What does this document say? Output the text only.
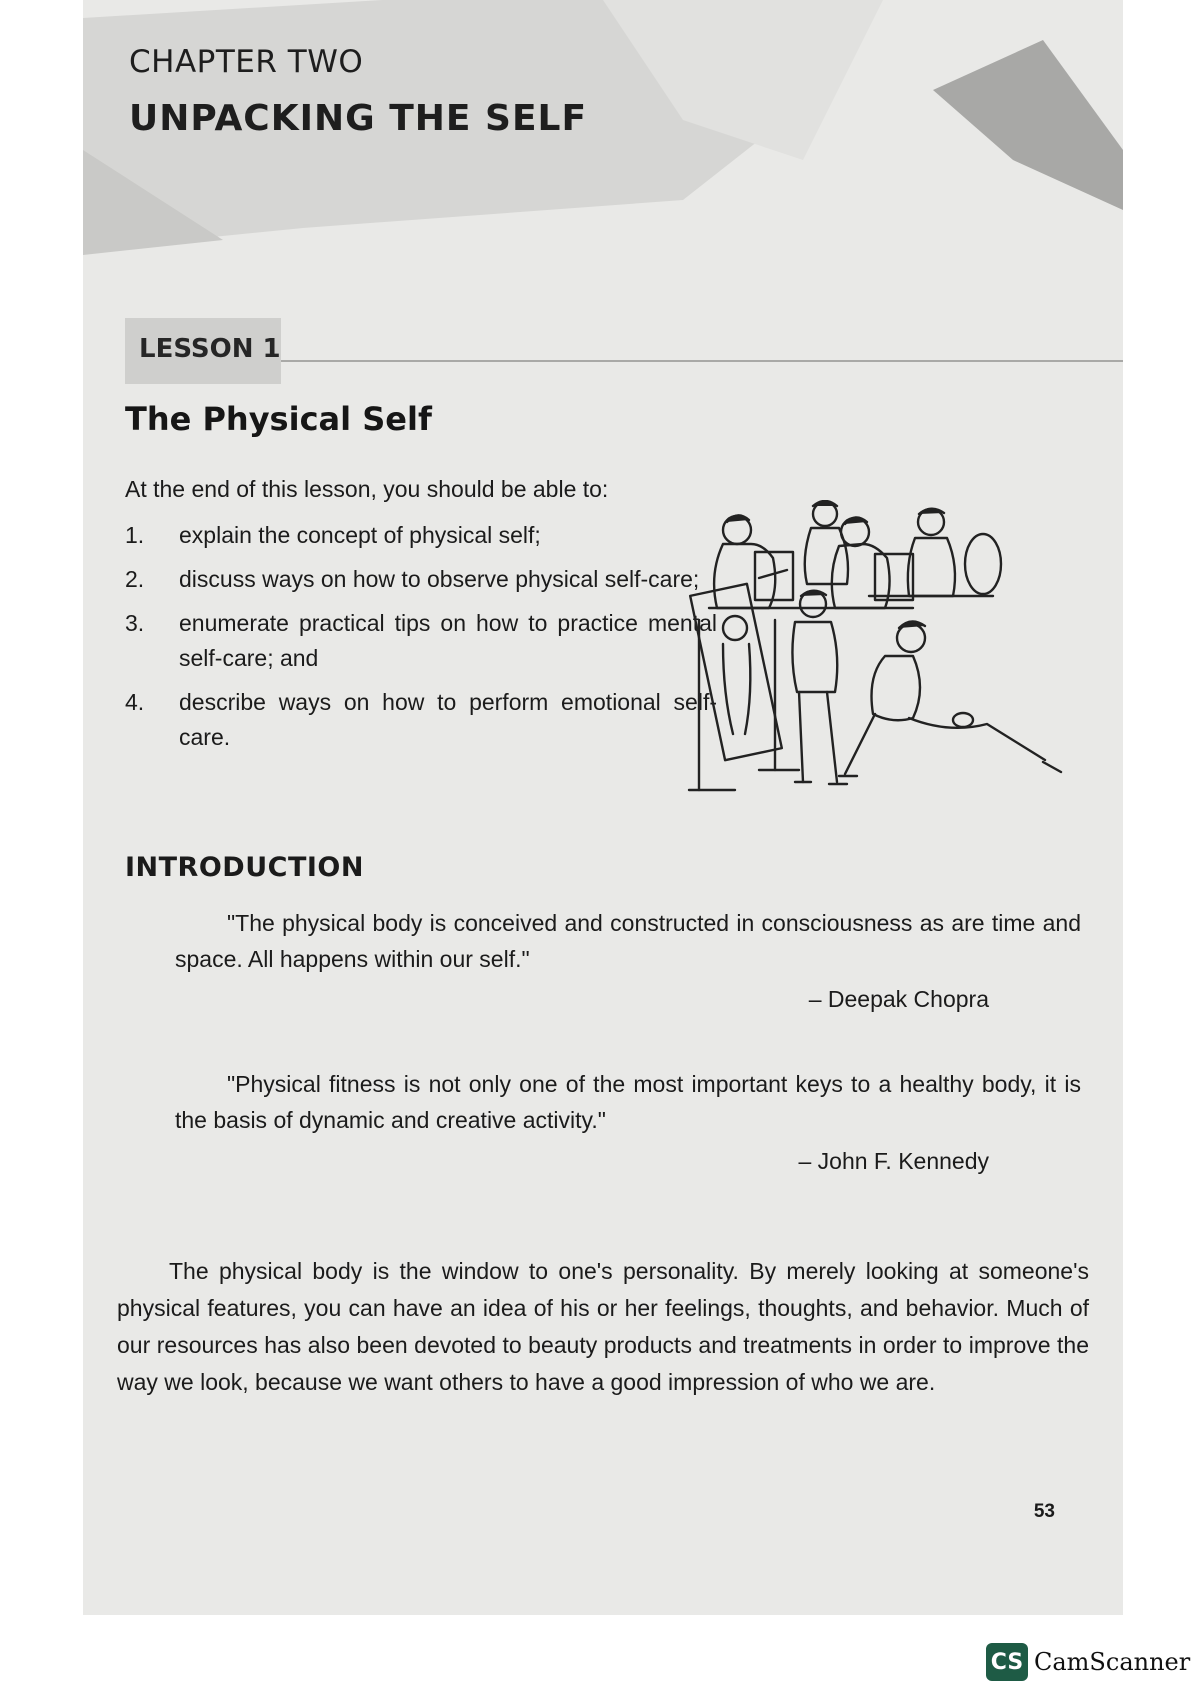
CHAPTER TWO
UNPACKING THE SELF
LESSON 1
The Physical Self
At the end of this lesson, you should be able to:
1.	explain the concept of physical self;
2.	discuss ways on how to observe physical self-care;
3.	enumerate practical tips on how to practice mental self-care; and
4.	describe ways on how to perform emotional self-care.
INTRODUCTION
"The physical body is conceived and constructed in consciousness as are time and space. All happens within our self."
– Deepak Chopra
"Physical fitness is not only one of the most important keys to a healthy body, it is the basis of dynamic and creative activity."
– John F. Kennedy

The physical body is the window to one's personality. By merely looking at someone's physical features, you can have an idea of his or her feelings, thoughts, and behavior. Much of our resources has also been devoted to beauty products and treatments in order to improve the way we look, because we want others to have a good impression of who we are.

53
CS CamScanner
